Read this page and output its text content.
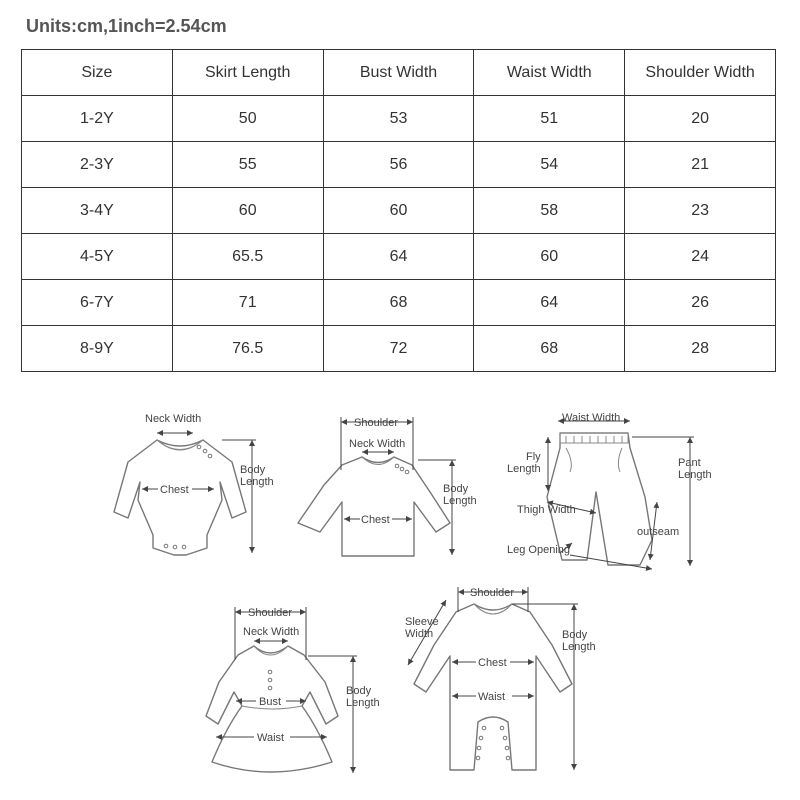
Units:cm,1inch=2.54cm
Size	Skirt Length	Bust Width	Waist Width	Shoulder Width
1-2Y	50	53	51	20
2-3Y	55	56	54	21
3-4Y	60	60	58	23
4-5Y	65.5	64	60	24
6-7Y	71	68	64	26
8-9Y	76.5	72	68	28
Neck Width
Body
Length
Chest
Shoulder
Neck Width
Body
Length
Chest
Waist Width
Fly
Length	Pant
Length
Thigh Width
outseam
Leg Opening
Shoulder
Neck Width
Bust
Waist
Body
Length
Shoulder
Sleeve
Width
Chest
Waist
Body
Length
